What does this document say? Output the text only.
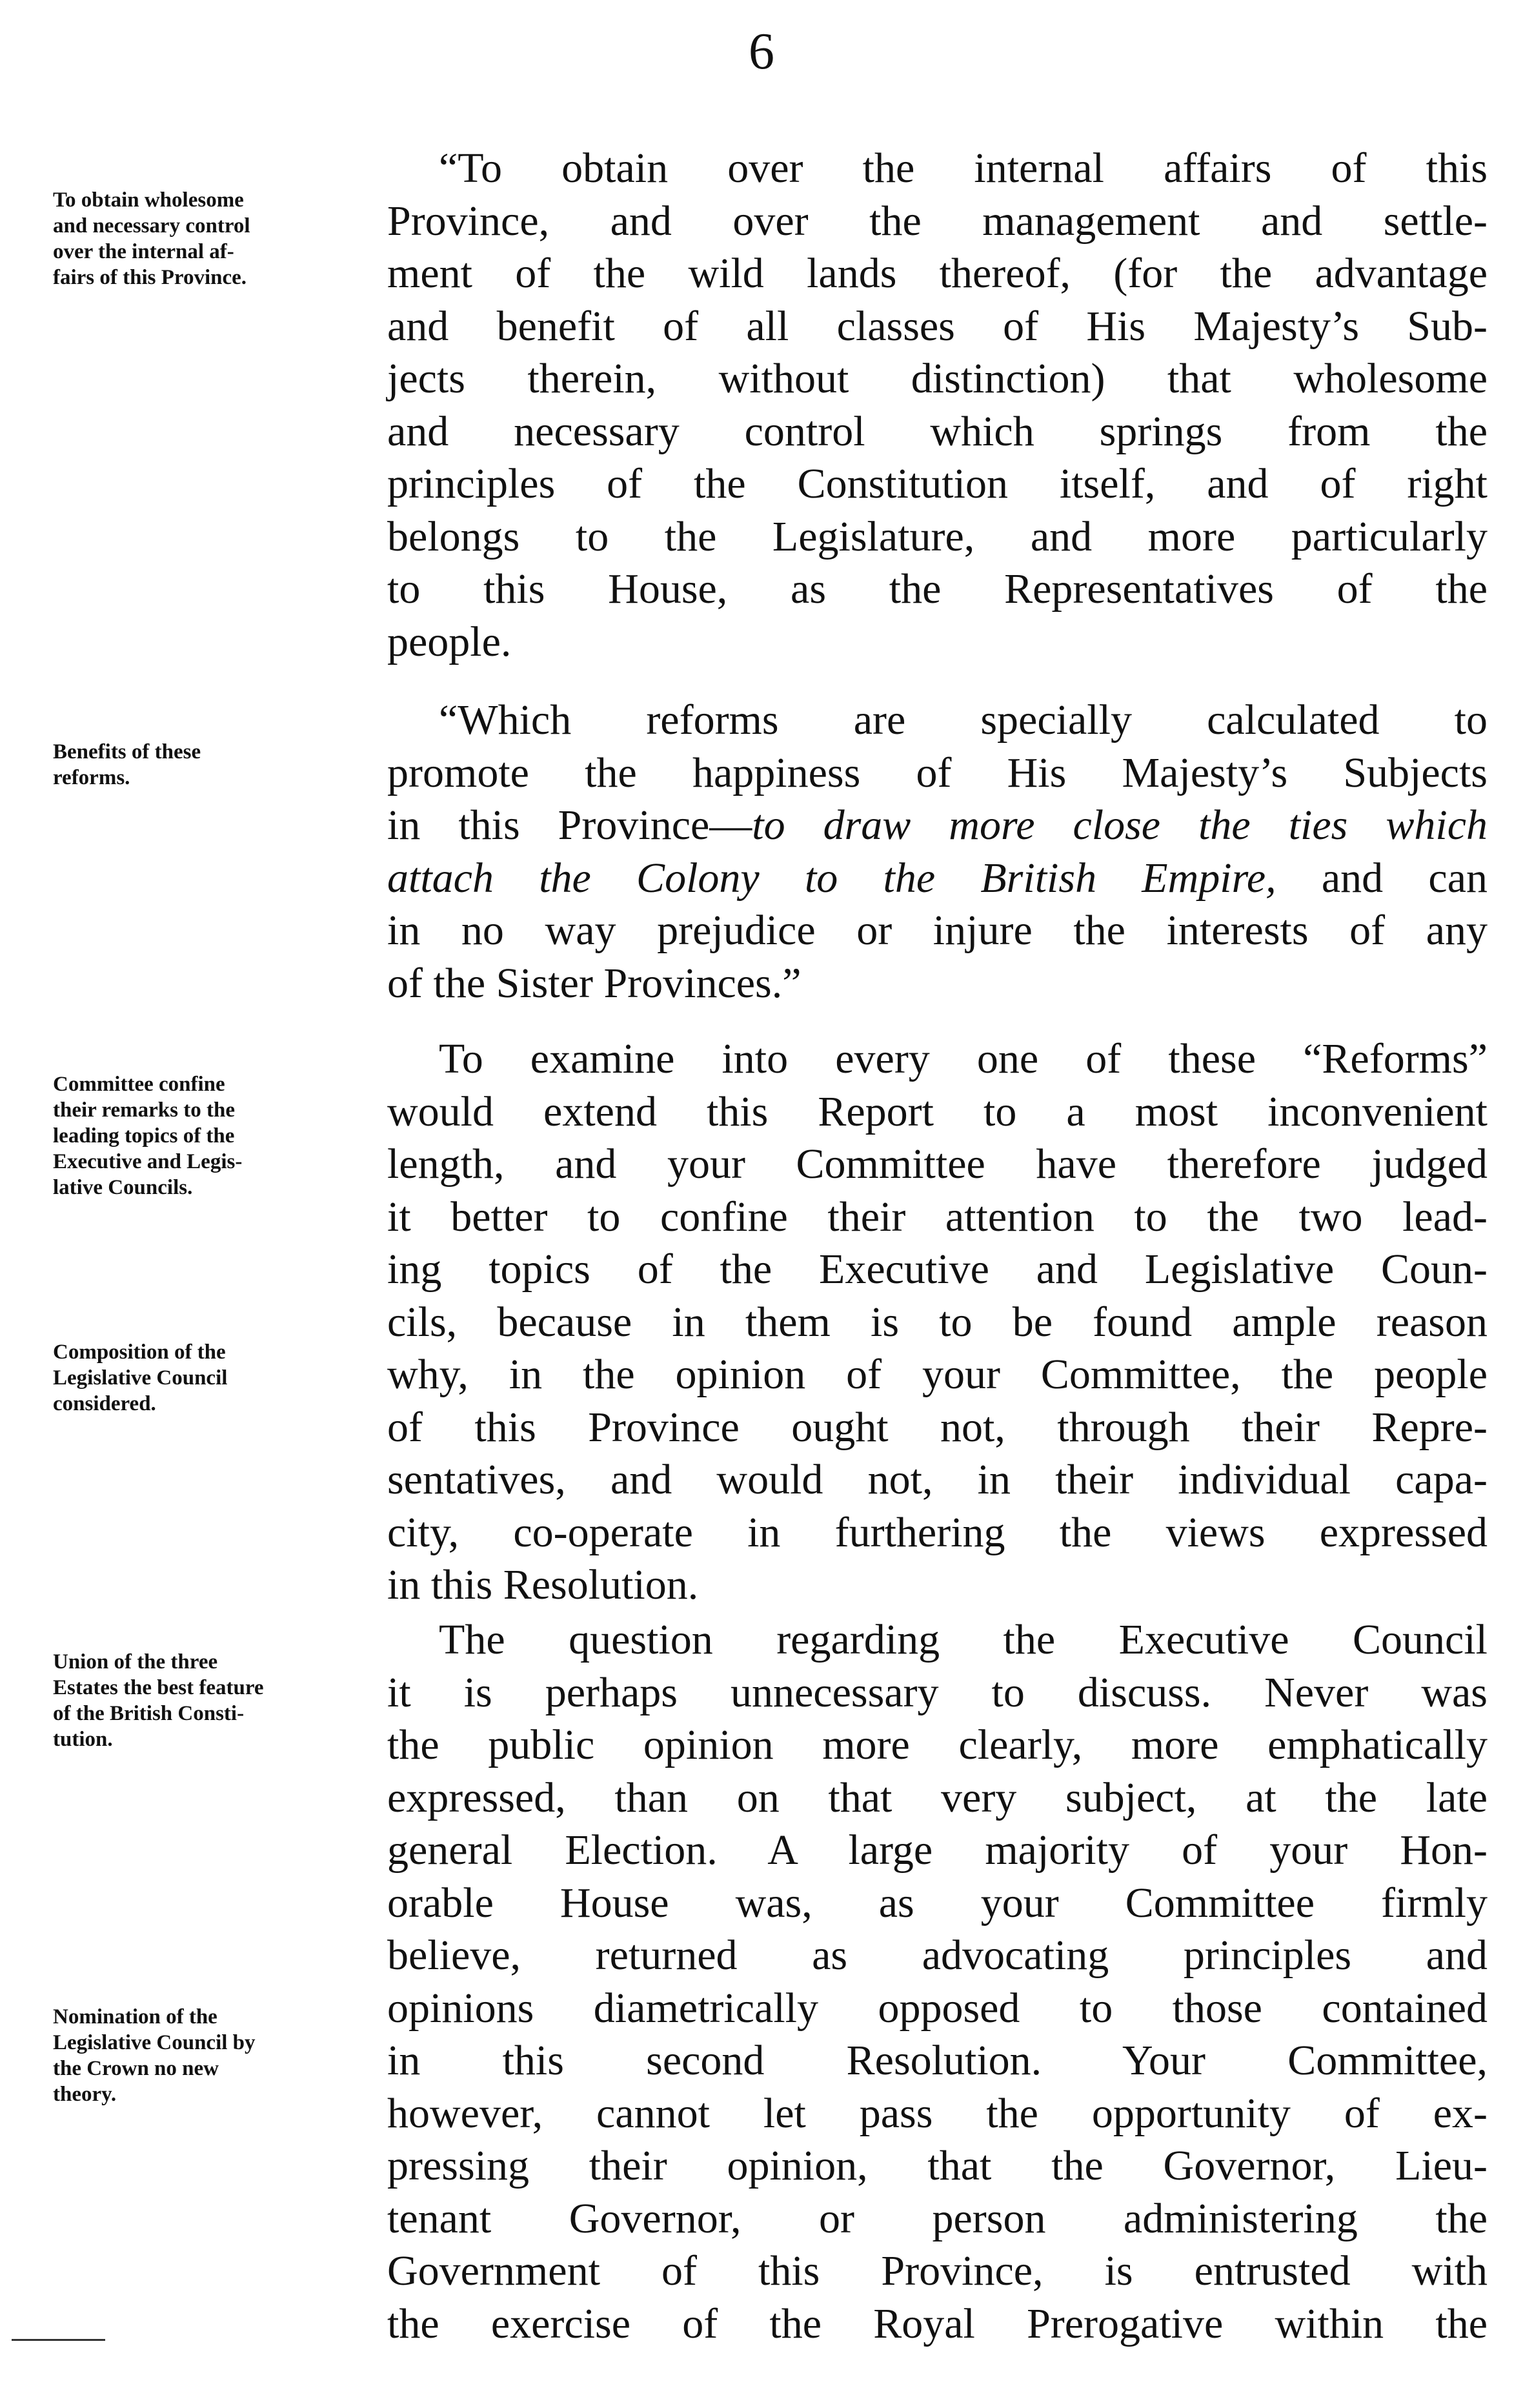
6
To obtain wholesome
and necessary control
over the internal af-
fairs of this Province.
Benefits of these
reforms.
Committee confine
their remarks to the
leading topics of the
Executive and Legis-
lative Councils.
Composition of the
Legislative Council
considered.
Union of the three
Estates the best feature
of the British Consti-
tution.
Nomination of the
Legislative Council by
the Crown no new
theory.
“To obtain over the internal affairs of this
Province, and over the management and settle-
ment of the wild lands thereof, (for the advantage
and benefit of all classes of His Majesty’s Sub-
jects therein, without distinction) that wholesome
and necessary control which springs from the
principles of the Constitution itself, and of right
belongs to the Legislature, and more particularly
to this House, as the Representatives of the
people.
“Which reforms are specially calculated to
promote the happiness of His Majesty’s Subjects
in this Province—to draw more close the ties which
attach the Colony to the British Empire, and can
in no way prejudice or injure the interests of any
of the Sister Provinces.”
To examine into every one of these “Reforms”
would extend this Report to a most inconvenient
length, and your Committee have therefore judged
it better to confine their attention to the two lead-
ing topics of the Executive and Legislative Coun-
cils, because in them is to be found ample reason
why, in the opinion of your Committee, the people
of this Province ought not, through their Repre-
sentatives, and would not, in their individual capa-
city, co-operate in furthering the views expressed
in this Resolution.
The question regarding the Executive Council
it is perhaps unnecessary to discuss. Never was
the public opinion more clearly, more emphatically
expressed, than on that very subject, at the late
general Election. A large majority of your Hon-
orable House was, as your Committee firmly
believe, returned as advocating principles and
opinions diametrically opposed to those contained
in this second Resolution. Your Committee,
however, cannot let pass the opportunity of ex-
pressing their opinion, that the Governor, Lieu-
tenant Governor, or person administering the
Government of this Province, is entrusted with
the exercise of the Royal Prerogative within the
